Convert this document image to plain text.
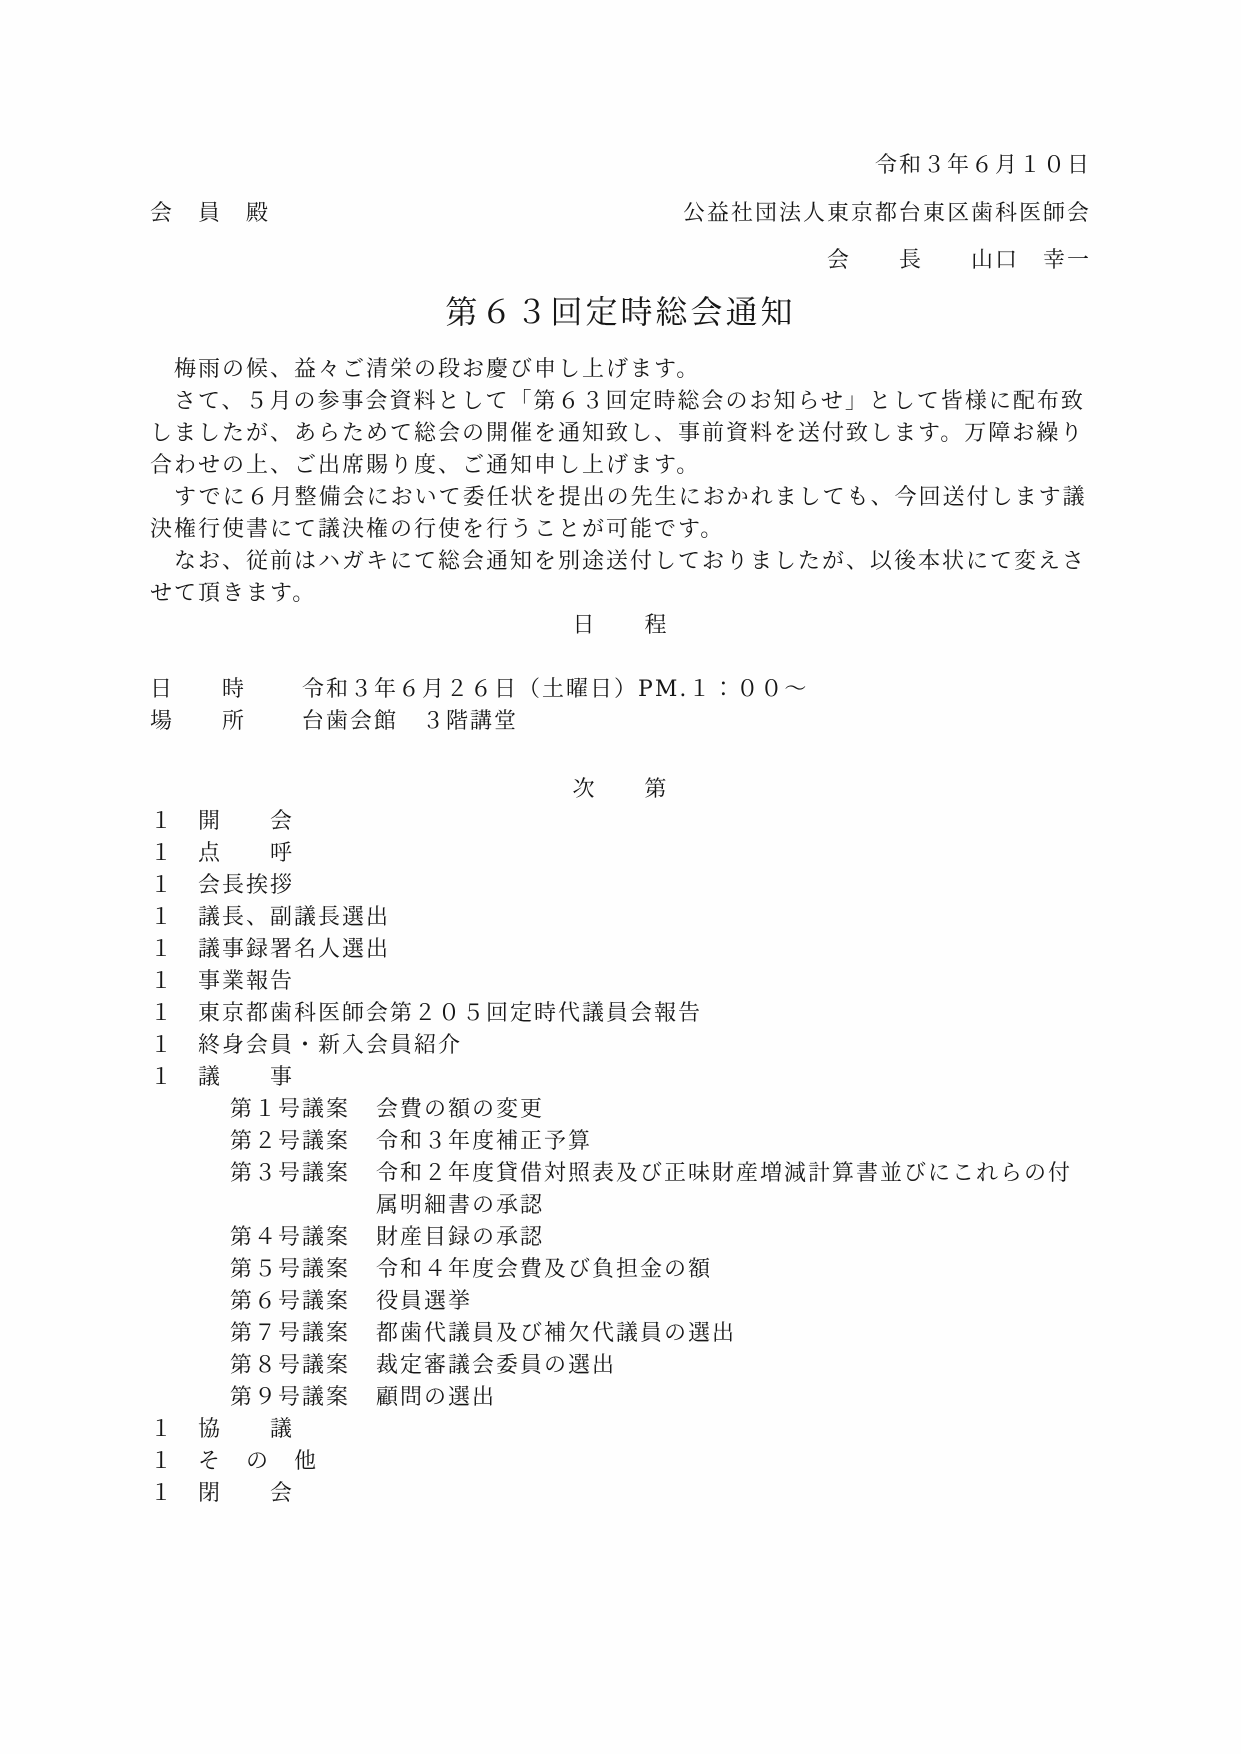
令和３年６月１０日
会　員　殿	公益社団法人東京都台東区歯科医師会
会　　長　　山口　幸一
第６３回定時総会通知

梅雨の候、益々ご清栄の段お慶び申し上げます。

さて、５月の参事会資料として「第６３回定時総会のお知らせ」として皆様に配布致しましたが、あらためて総会の開催を通知致し、事前資料を送付致します。万障お繰り合わせの上、ご出席賜り度、ご通知申し上げます。

すでに６月整備会において委任状を提出の先生におかれましても、今回送付します議決権行使書にて議決権の行使を行うことが可能です。

なお、従前はハガキにて総会通知を別途送付しておりましたが、以後本状にて変えさせて頂きます。

日　　程
日　　時	令和３年６月２６日（土曜日）PM.１：００～
場　　所	台歯会館　３階講堂
次　　第
１ 開　　会
１ 点　　呼
１ 会長挨拶
１ 議長、副議長選出
１ 議事録署名人選出
１ 事業報告
１ 東京都歯科医師会第２０５回定時代議員会報告
１ 終身会員・新入会員紹介
１ 議　　事
第１号議案 会費の額の変更
第２号議案 令和３年度補正予算
第３号議案 令和２年度貸借対照表及び正味財産増減計算書並びにこれらの付属明細書の承認
第４号議案 財産目録の承認
第５号議案 令和４年度会費及び負担金の額
第６号議案 役員選挙
第７号議案 都歯代議員及び補欠代議員の選出
第８号議案 裁定審議会委員の選出
第９号議案 顧問の選出
１ 協　　議
１ そ　の　他
１ 閉　　会
